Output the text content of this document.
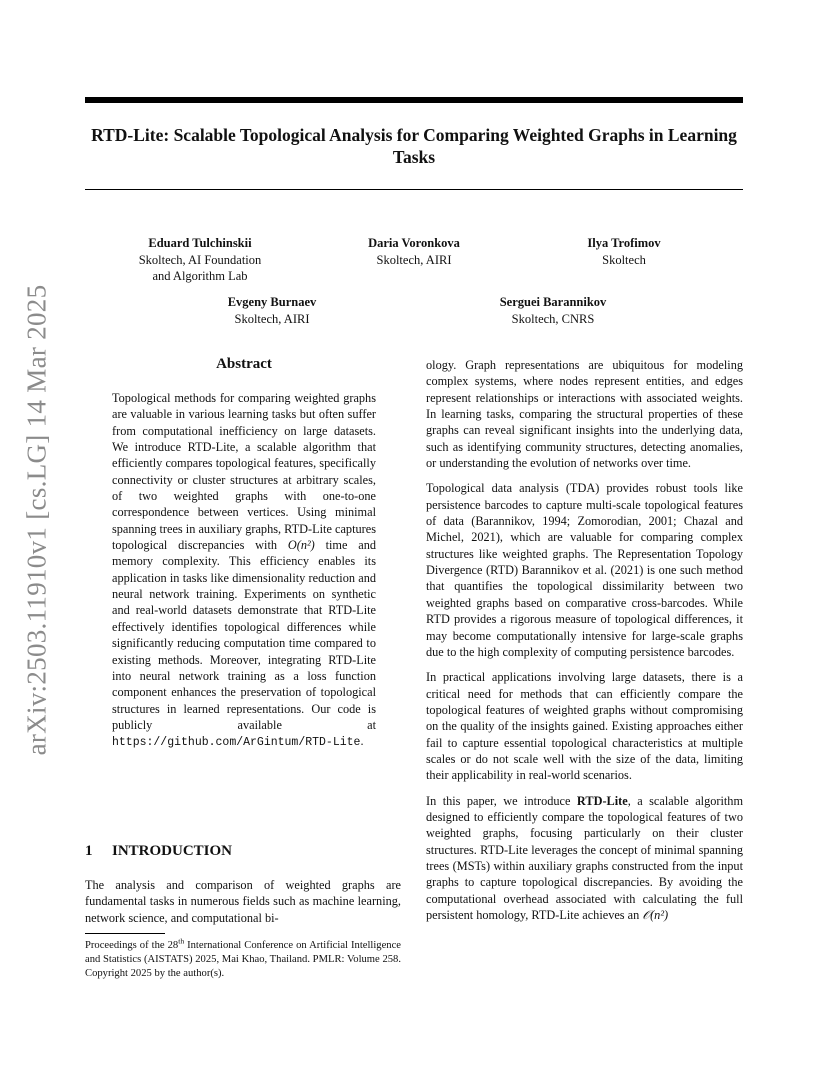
arXiv:2503.11910v1 [cs.LG] 14 Mar 2025
RTD-Lite: Scalable Topological Analysis for Comparing Weighted Graphs in Learning Tasks
Eduard Tulchinskii
Skoltech, AI Foundation
and Algorithm Lab
Daria Voronkova
Skoltech, AIRI
Ilya Trofimov
Skoltech
Evgeny Burnaev
Skoltech, AIRI
Serguei Barannikov
Skoltech, CNRS
Abstract

Topological methods for comparing weighted graphs are valuable in various learning tasks but often suffer from computational inefficiency on large datasets. We introduce RTD-Lite, a scalable algorithm that efficiently compares topological features, specifically connectivity or cluster structures at arbitrary scales, of two weighted graphs with one-to-one correspondence between vertices. Using minimal spanning trees in auxiliary graphs, RTD-Lite captures topological discrepancies with O(n²) time and memory complexity. This efficiency enables its application in tasks like dimensionality reduction and neural network training. Experiments on synthetic and real-world datasets demonstrate that RTD-Lite effectively identifies topological differences while significantly reducing computation time compared to existing methods. Moreover, integrating RTD-Lite into neural network training as a loss function component enhances the preservation of topological structures in learned representations. Our code is publicly available at https://github.com/ArGintum/RTD-Lite.

1 INTRODUCTION

The analysis and comparison of weighted graphs are fundamental tasks in numerous fields such as machine learning, network science, and computational bi-

Proceedings of the 28th International Conference on Artificial Intelligence and Statistics (AISTATS) 2025, Mai Khao, Thailand. PMLR: Volume 258. Copyright 2025 by the author(s).

ology. Graph representations are ubiquitous for modeling complex systems, where nodes represent entities, and edges represent relationships or interactions with associated weights. In learning tasks, comparing the structural properties of these graphs can reveal significant insights into the underlying data, such as identifying community structures, detecting anomalies, or understanding the evolution of networks over time.

Topological data analysis (TDA) provides robust tools like persistence barcodes to capture multi-scale topological features of data (Barannikov, 1994; Zomorodian, 2001; Chazal and Michel, 2021), which are valuable for comparing complex structures like weighted graphs. The Representation Topology Divergence (RTD) Barannikov et al. (2021) is one such method that quantifies the topological dissimilarity between two weighted graphs based on comparative cross-barcodes. While RTD provides a rigorous measure of topological differences, it may become computationally intensive for large-scale graphs due to the high complexity of computing persistence barcodes.

In practical applications involving large datasets, there is a critical need for methods that can efficiently compare the topological features of weighted graphs without compromising on the quality of the insights gained. Existing approaches either fail to capture essential topological characteristics at multiple scales or do not scale well with the size of the data, limiting their applicability in real-world scenarios.

In this paper, we introduce RTD-Lite, a scalable algorithm designed to efficiently compare the topological features of two weighted graphs, focusing particularly on their cluster structures. RTD-Lite leverages the concept of minimal spanning trees (MSTs) within auxiliary graphs constructed from the input graphs to capture topological discrepancies. By avoiding the computational overhead associated with calculating the full persistent homology, RTD-Lite achieves an 𝒪(n²)
